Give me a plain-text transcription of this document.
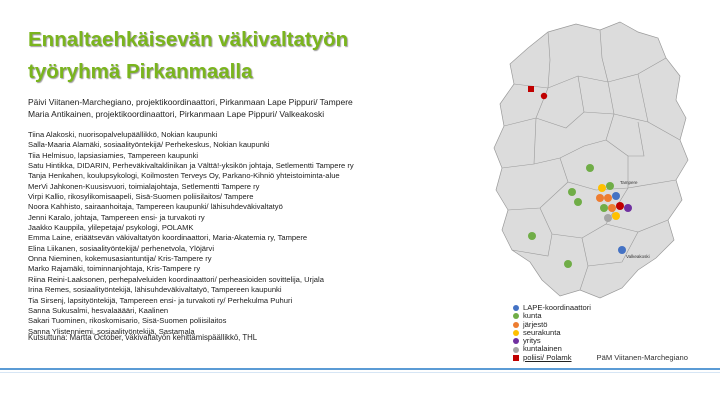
Ennaltaehkäisevän väkivaltatyön
työryhmä Pirkanmaalla
Päivi Viitanen-Marchegiano, projektikoordinaattori, Pirkanmaan Lape Pippuri/ Tampere
Maria Antikainen, projektikoordinaattori, Pirkanmaan Lape Pippuri/ Valkeakoski
Tiina Alakoski, nuorisopalvelupäällikkö, Nokian kaupunki
Salla-Maaria Alamäki, sosiaalityöntekijä/ Perhekeskus, Nokian kaupunki
Tiia Helmisuo, lapsiasiamies, Tampereen kaupunki
Satu Hintikka, DIDARIN, Perheväkivaltaklinikan ja Välttä!-yksikön johtaja, Setlementti Tampere ry
Tanja Henkahen, koulupsykologi, Koilmosten Terveys Oy, Parkano-Kihniö yhteistoiminta-alue
MerVi Jahkonen-Kuusisvuori, toimialajohtaja, Setlementti Tampere ry
Virpi Kallio, rikosylikomisaapeli, Sisä-Suomen poliisilaitos/ Tampere
Noora Kahhisto, sairaanhoitaja, Tampereen kaupunki/ lähisuhdeväkivaltatyö
Jenni Karalo, johtaja, Tampereen ensi- ja turvakoti ry
Jaakko Kauppila, ylilepetaja/ psykologi, POLAMK
Emma Laine, eriäätsevän väkivaltatyön koordinaattori, Maria-Akatemia ry, Tampere
Elina Liikanen, sosiaalityöntekijä/ perhenetvola, Ylöjärvi
Onna Nieminen, kokemusasiantuntija/ Kris-Tampere ry
Marko Rajamäki, toiminnanjohtaja, Kris-Tampere ry
Riina Reini-Laaksonen, perhepalveluiden koordinaattori/ perheasioiden sovittelija, Urjala
Irina Remes, sosiaalityöntekijä, lähisuhdeväkivaltatyö, Tampereen kaupunki
Tia Sirsenj, lapsityöntekijä, Tampereen ensi- ja turvakoti ry/ Perhekulma Puhuri
Sanna Sukusalmi, hesvalaäääri, Kaalinen
Sakari Tuominen, rikoskomisario, Sisä-Suomen poliisilaitos
Sanna Ylistenniemi, sosiaalityöntekijä, Sastamala
Kutsuttuna: Martta October, väkivaltatyön kehittämispäällikkö, THL
Tampere
Valkeakoski
LAPE-koordinaattori
kunta
järjestö
seurakunta
yritys
kuntalainen
poliisi/ Polamk	PäM Viitanen-Marchegiano
